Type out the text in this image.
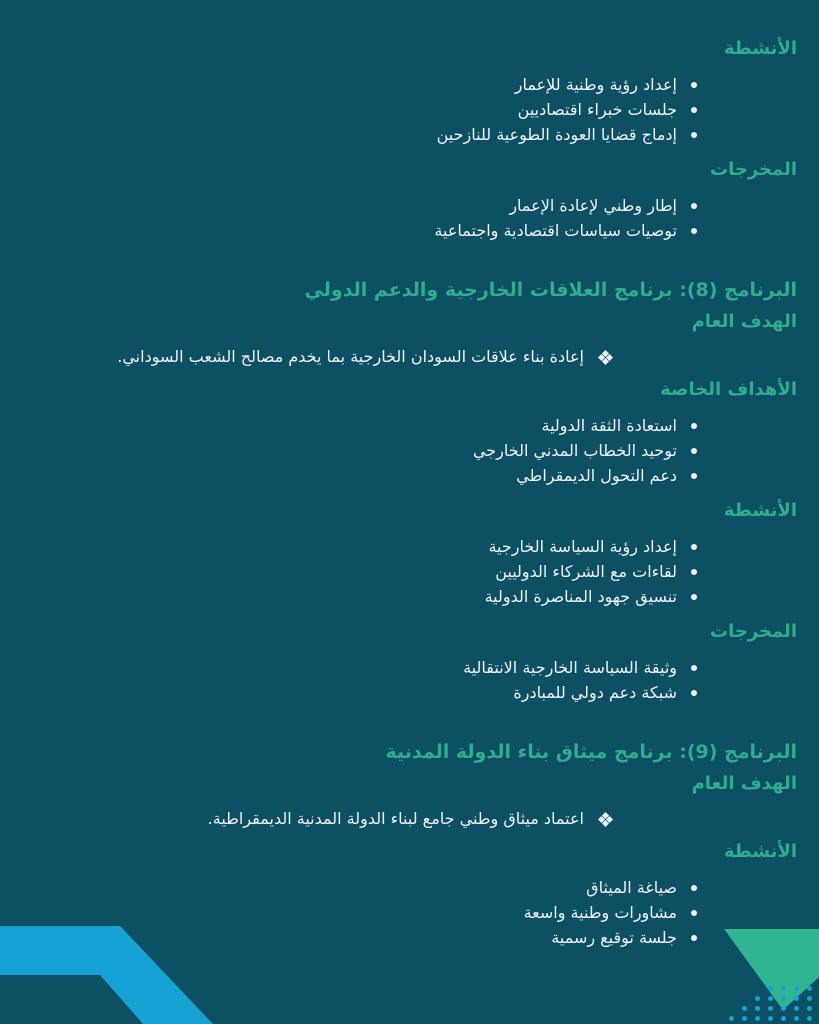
الأنشطة
إعداد رؤية وطنية للإعمار
جلسات خبراء اقتصاديين
إدماج قضايا العودة الطوعية للنازحين
المخرجات
إطار وطني لإعادة الإعمار
توصيات سياسات اقتصادية واجتماعية
البرنامج (8): برنامج العلاقات الخارجية والدعم الدولي
الهدف العام
إعادة بناء علاقات السودان الخارجية بما يخدم مصالح الشعب السوداني.
الأهداف الخاصة
استعادة الثقة الدولية
توحيد الخطاب المدني الخارجي
دعم التحول الديمقراطي
الأنشطة
إعداد رؤية السياسة الخارجية
لقاءات مع الشركاء الدوليين
تنسيق جهود المناصرة الدولية
المخرجات
وثيقة السياسة الخارجية الانتقالية
شبكة دعم دولي للمبادرة
البرنامج (9): برنامج ميثاق بناء الدولة المدنية
الهدف العام
اعتماد ميثاق وطني جامع لبناء الدولة المدنية الديمقراطية.
الأنشطة
صياغة الميثاق
مشاورات وطنية واسعة
جلسة توقيع رسمية
